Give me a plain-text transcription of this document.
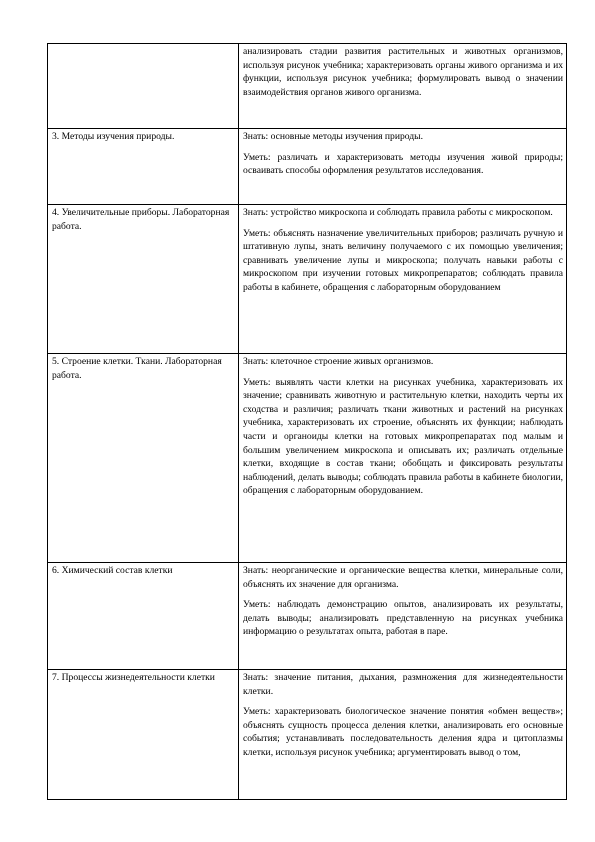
	анализировать стадии развития растительных и животных организмов, используя рисунок учебника; характеризовать органы живого организма и их функции, используя рисунок учебника; формулировать вывод о значении взаимодействия органов живого организма.

3. Методы изучения природы.	Знать: основные методы изучения природы.

Уметь: различать и характеризовать методы изучения живой природы; осваивать способы оформления результатов исследования.

4. Увеличительные приборы. Лабораторная работа.	Знать: устройство микроскопа и соблюдать правила работы с микроскопом.

Уметь: объяснять назначение увеличительных приборов; различать ручную и штативную лупы, знать величину получаемого с их помощью увеличения; сравнивать увеличение лупы и микроскопа; получать навыки работы с микроскопом при изучении готовых микропрепаратов; соблюдать правила работы в кабинете, обращения с лабораторным оборудованием

5. Строение клетки. Ткани. Лабораторная работа.	Знать: клеточное строение живых организмов.

Уметь: выявлять части клетки на рисунках учебника, характеризовать их значение; сравнивать животную и растительную клетки, находить черты их сходства и различия; различать ткани животных и растений на рисунках учебника, характеризовать их строение, объяснять их функции; наблюдать части и органоиды клетки на готовых микропрепаратах под малым и большим увеличением микроскопа и описывать их; различать отдельные клетки, входящие в состав ткани; обобщать и фиксировать результаты наблюдений, делать выводы; соблюдать правила работы в кабинете биологии, обращения с лабораторным оборудованием.

6. Химический состав клетки	Знать: неорганические и органические вещества клетки, минеральные соли, объяснять их значение для организма.

Уметь: наблюдать демонстрацию опытов, анализировать их результаты, делать выводы; анализировать представленную на рисунках учебника информацию о результатах опыта, работая в паре.

7. Процессы жизнедеятельности клетки	Знать: значение питания, дыхания, размножения для жизнедеятельности клетки.

Уметь: характеризовать биологическое значение понятия «обмен веществ»; объяснять сущность процесса деления клетки, анализировать его основные события; устанавливать последовательность деления ядра и цитоплазмы клетки, используя рисунок учебника; аргументировать вывод о том,
